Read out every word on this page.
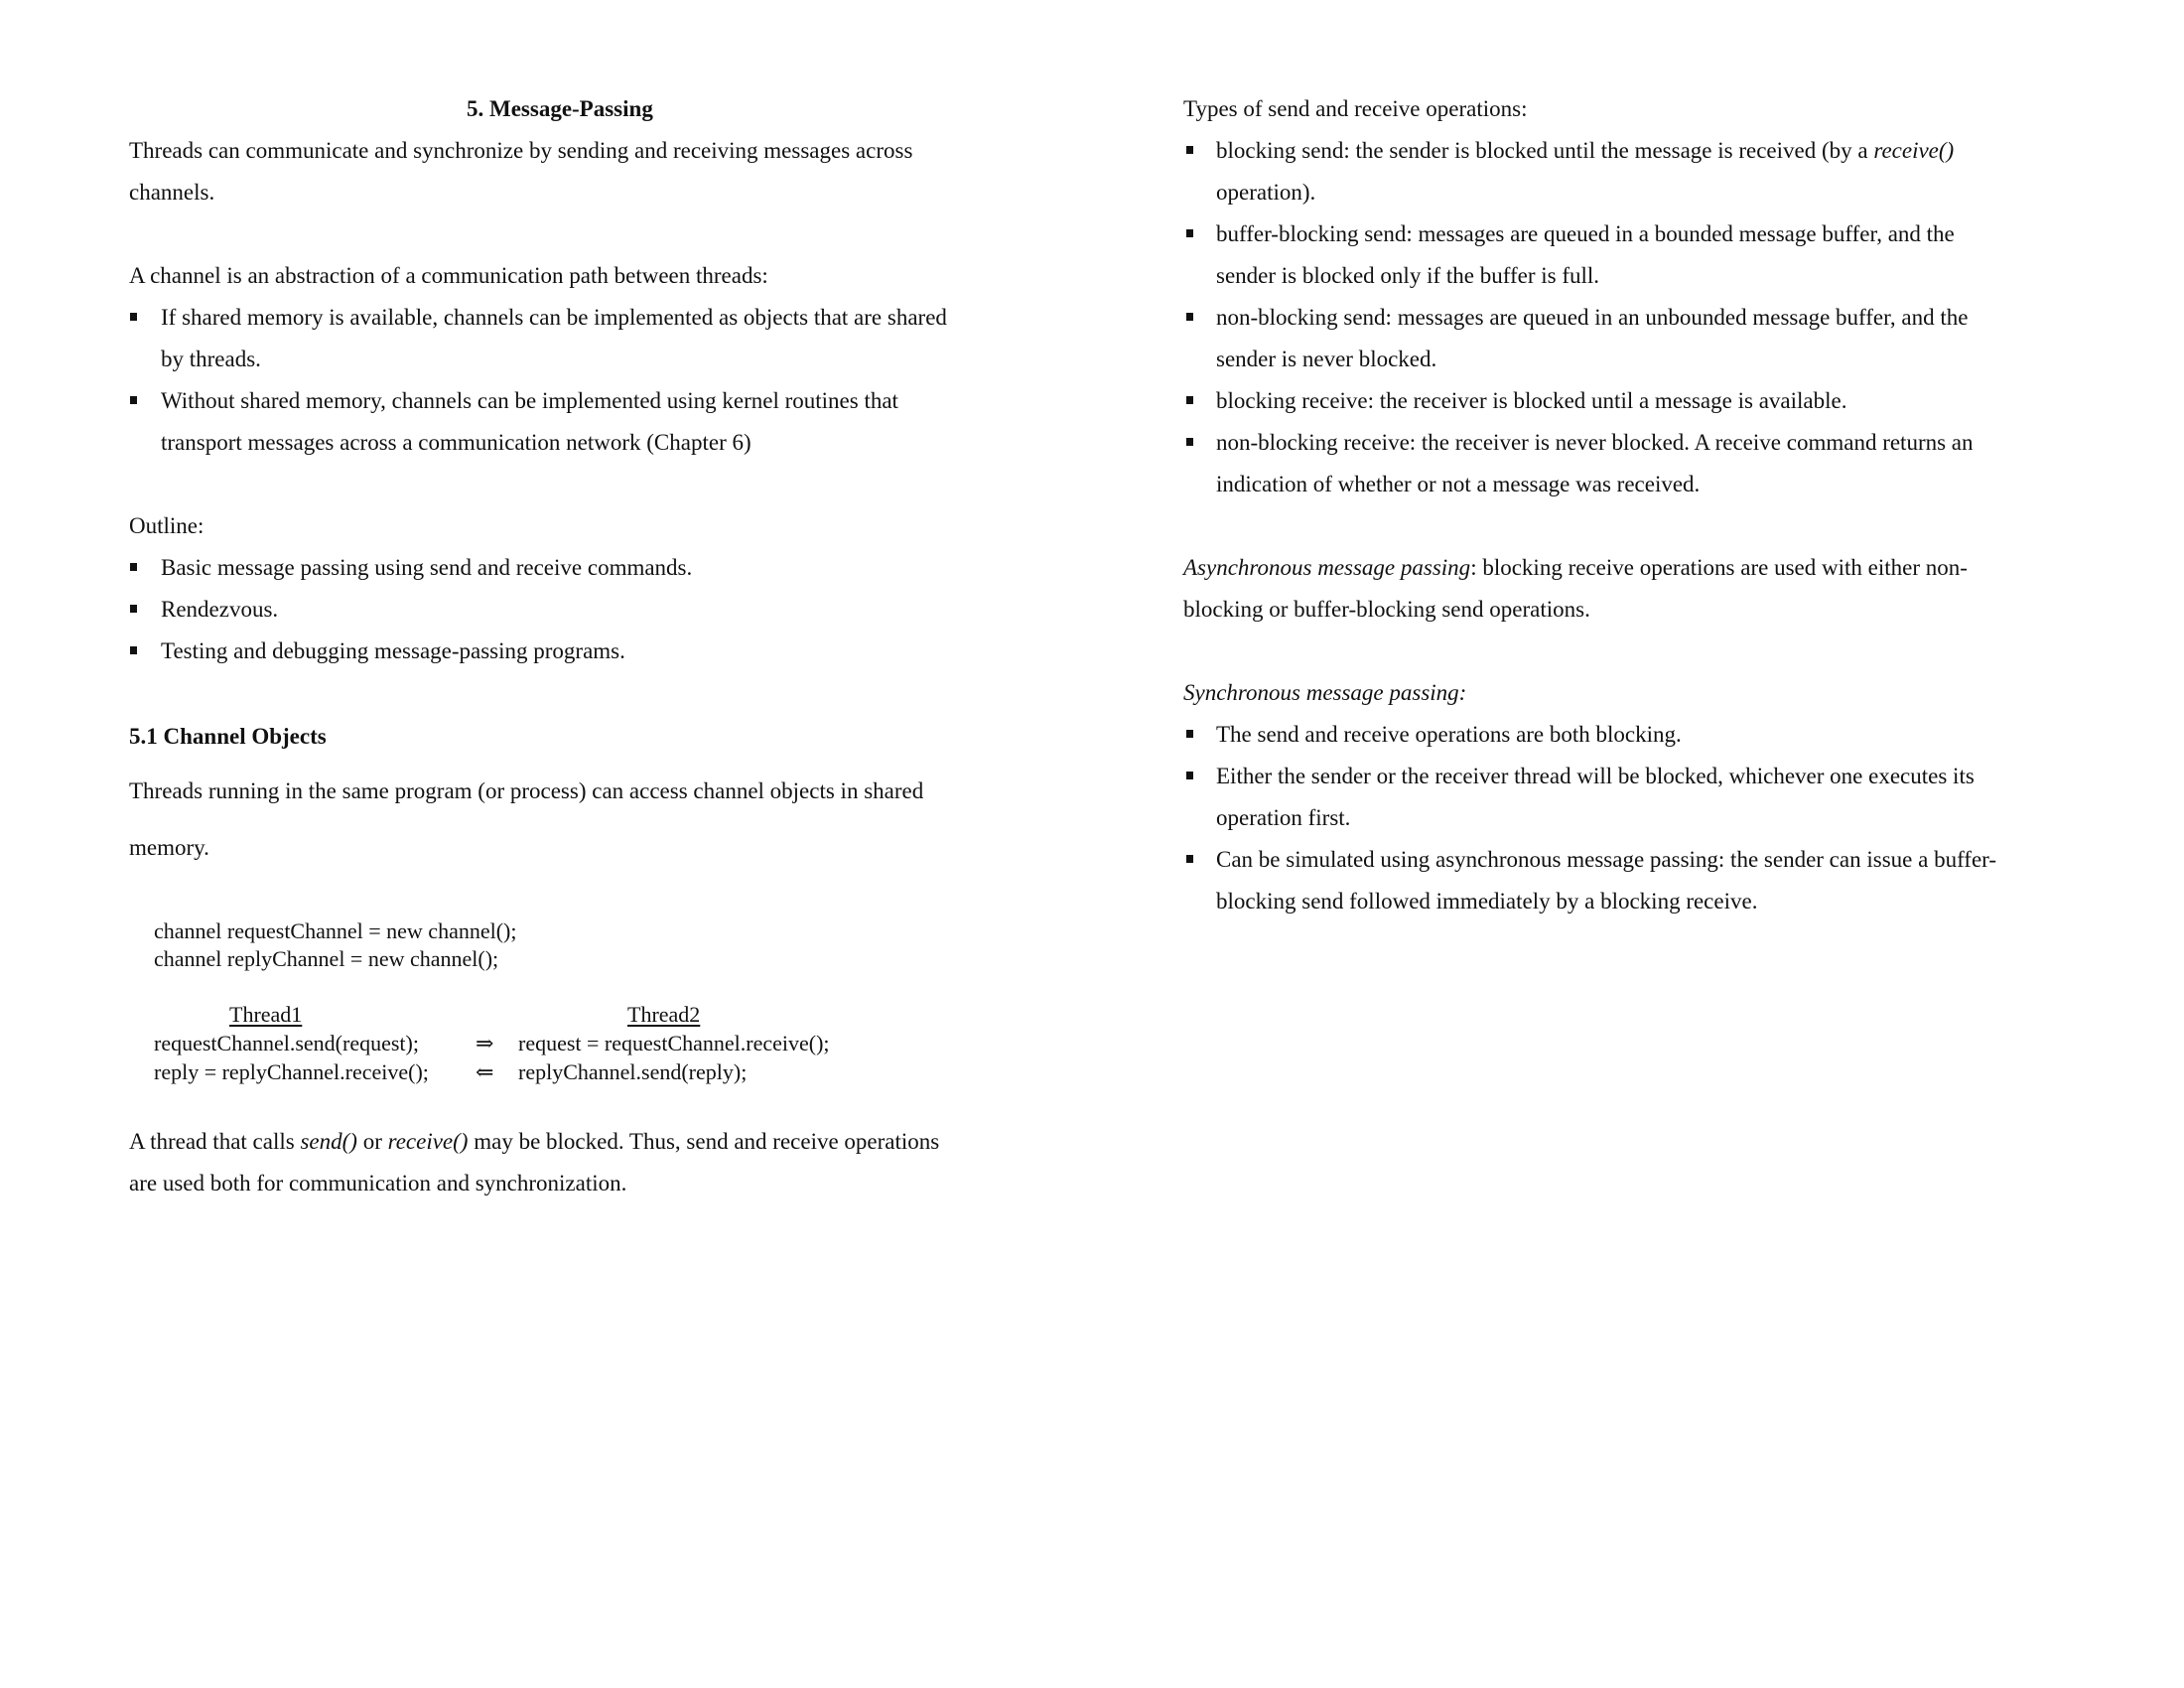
5. Message-Passing
Threads can communicate and synchronize by sending and receiving messages across
channels.
A channel is an abstraction of a communication path between threads:
If shared memory is available, channels can be implemented as objects that are shared
by threads.
Without shared memory, channels can be implemented using kernel routines that
transport messages across a communication network (Chapter 6)
Outline:
Basic message passing using send and receive commands.
Rendezvous.
Testing and debugging message-passing programs.
5.1 Channel Objects
Threads running in the same program (or process) can access channel objects in shared
memory.
channel requestChannel = new channel();
channel replyChannel = new channel();
Thread1	Thread2
requestChannel.send(request);	⇒ request = requestChannel.receive();
reply = replyChannel.receive(); ⇐ replyChannel.send(reply);
A thread that calls send() or receive() may be blocked. Thus, send and receive operations
are used both for communication and synchronization.
Types of send and receive operations:
blocking send: the sender is blocked until the message is received (by a receive()
operation).
buffer-blocking send: messages are queued in a bounded message buffer, and the
sender is blocked only if the buffer is full.
non-blocking send: messages are queued in an unbounded message buffer, and the
sender is never blocked.
blocking receive: the receiver is blocked until a message is available.
non-blocking receive: the receiver is never blocked. A receive command returns an
indication of whether or not a message was received.
Asynchronous message passing: blocking receive operations are used with either non-
blocking or buffer-blocking send operations.
Synchronous message passing:
The send and receive operations are both blocking.
Either the sender or the receiver thread will be blocked, whichever one executes its
operation first.
Can be simulated using asynchronous message passing: the sender can issue a buffer-
blocking send followed immediately by a blocking receive.
